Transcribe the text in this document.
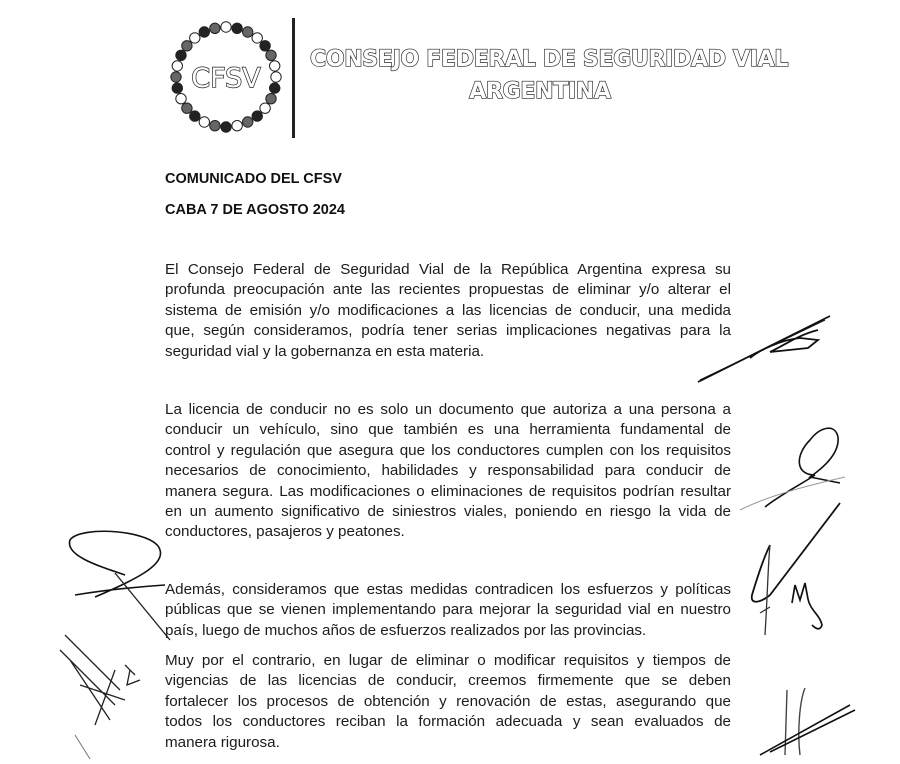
CFSV
CONSEJO FEDERAL DE SEGURIDAD VIAL
ARGENTINA
COMUNICADO DEL CFSV
CABA 7 DE AGOSTO 2024
El Consejo Federal de Seguridad Vial de la República Argentina expresa su
profunda preocupación ante las recientes propuestas de eliminar y/o alterar el
sistema de emisión y/o modificaciones a las licencias de conducir, una medida
que, según consideramos, podría tener serias implicaciones negativas para la
seguridad vial y la gobernanza en esta materia.
La licencia de conducir no es solo un documento que autoriza a una persona a
conducir un vehículo, sino que también es una herramienta fundamental de
control y regulación que asegura que los conductores cumplen con los requisitos
necesarios de conocimiento, habilidades y responsabilidad para conducir de
manera segura. Las modificaciones o eliminaciones de requisitos podrían resultar
en un aumento significativo de siniestros viales, poniendo en riesgo la vida de
conductores, pasajeros y peatones.
Además, consideramos que estas medidas contradicen los esfuerzos y políticas
públicas que se vienen implementando para mejorar la seguridad vial en nuestro
país, luego de muchos años de esfuerzos realizados por las provincias.
Muy por el contrario, en lugar de eliminar o modificar requisitos y tiempos de
vigencias de las licencias de conducir, creemos firmemente que se deben
fortalecer los procesos de obtención y renovación de estas, asegurando que
todos los conductores reciban la formación adecuada y sean evaluados de
manera rigurosa.
